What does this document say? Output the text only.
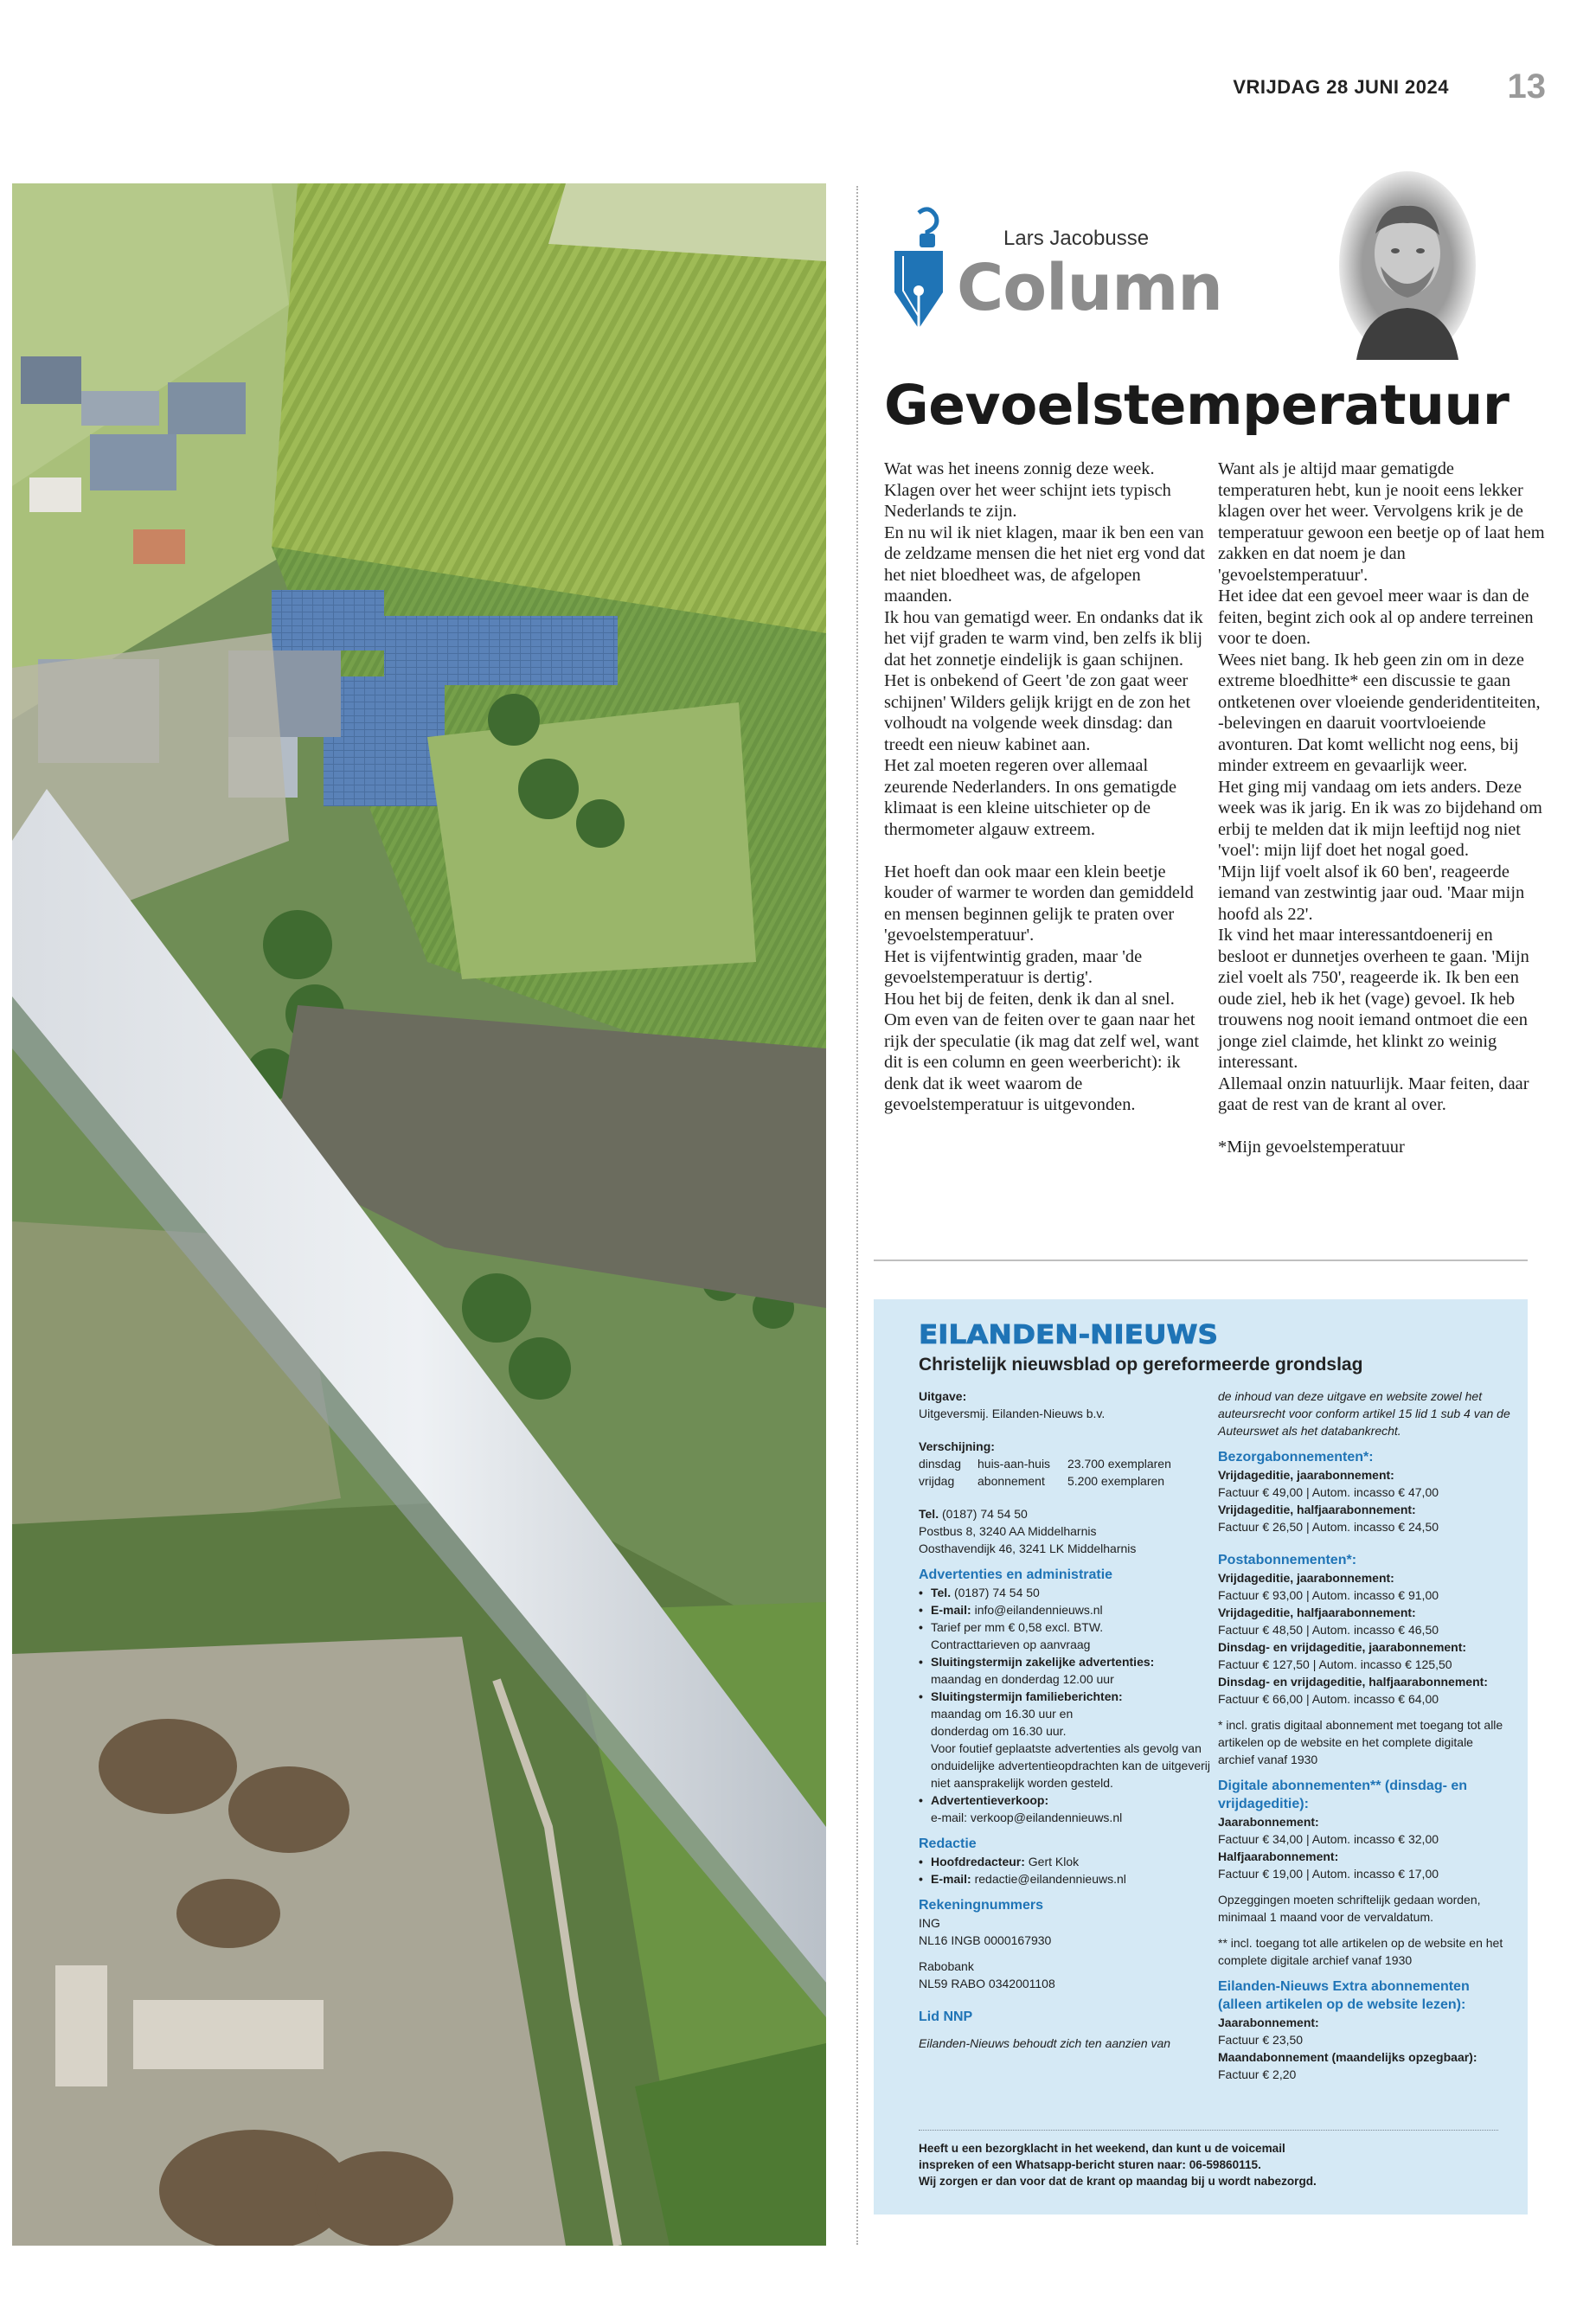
VRIJDAG 28 JUNI 2024 13
Lars Jacobusse
Column
Gevoelstemperatuur

Wat was het ineens zonnig deze week.

Klagen over het weer schijnt iets typisch Nederlands te zijn.

En nu wil ik niet klagen, maar ik ben een van de zeldzame mensen die het niet erg vond dat het niet bloedheet was, de afgelopen maanden.

Ik hou van gematigd weer. En ondanks dat ik het vijf graden te warm vind, ben zelfs ik blij dat het zonnetje eindelijk is gaan schijnen.

Het is onbekend of Geert 'de zon gaat weer schijnen' Wilders gelijk krijgt en de zon het volhoudt na volgende week dinsdag: dan treedt een nieuw kabinet aan.

Het zal moeten regeren over allemaal zeurende Nederlanders. In ons gematigde klimaat is een kleine uitschieter op de thermometer algauw extreem.

Het hoeft dan ook maar een klein beetje kouder of warmer te worden dan gemiddeld en mensen beginnen gelijk te praten over 'gevoelstemperatuur'.

Het is vijfentwintig graden, maar 'de gevoelstemperatuur is dertig'.

Hou het bij de feiten, denk ik dan al snel.

Om even van de feiten over te gaan naar het rijk der speculatie (ik mag dat zelf wel, want dit is een column en geen weerbericht): ik denk dat ik weet waarom de gevoelstemperatuur is uitgevonden.

Want als je altijd maar gematigde temperaturen hebt, kun je nooit eens lekker klagen over het weer. Vervolgens krik je de temperatuur gewoon een beetje op of laat hem zakken en dat noem je dan 'gevoelstemperatuur'.

Het idee dat een gevoel meer waar is dan de feiten, begint zich ook al op andere terreinen voor te doen.

Wees niet bang. Ik heb geen zin om in deze extreme bloedhitte* een discussie te gaan ontketenen over vloeiende genderidentiteiten, -belevingen en daaruit voortvloeiende avonturen. Dat komt wellicht nog eens, bij minder extreem en gevaarlijk weer.

Het ging mij vandaag om iets anders. Deze week was ik jarig. En ik was zo bijdehand om erbij te melden dat ik mijn leeftijd nog niet 'voel': mijn lijf doet het nogal goed.

'Mijn lijf voelt alsof ik 60 ben', reageerde iemand van zestwintig jaar oud. 'Maar mijn hoofd als 22'.

Ik vind het maar interessantdoenerij en besloot er dunnetjes overheen te gaan. 'Mijn ziel voelt als 750', reageerde ik. Ik ben een oude ziel, heb ik het (vage) gevoel. Ik heb trouwens nog nooit iemand ontmoet die een jonge ziel claimde, het klinkt zo weinig interessant.

Allemaal onzin natuurlijk. Maar feiten, daar gaat de rest van de krant al over.

*Mijn gevoelstemperatuur

EILANDEN-NIEUWS
Christelijk nieuwsblad op gereformeerde grondslag
Uitgave:
Uitgeversmij. Eilanden-Nieuws b.v.
Verschijning:
dinsdag	huis-aan-huis	23.700 exemplaren
vrijdag	abonnement	5.200 exemplaren
Tel. (0187) 74 54 50
Postbus 8, 3240 AA Middelharnis
Oosthavendijk 46, 3241 LK Middelharnis
Advertenties en administratie
• Tel. (0187) 74 54 50
• E-mail: info@eilandennieuws.nl
• Tarief per mm € 0,58 excl. BTW.
Contracttarieven op aanvraag
• Sluitingstermijn zakelijke advertenties:
maandag en donderdag 12.00 uur
• Sluitingstermijn familieberichten:
maandag om 16.30 uur en
donderdag om 16.30 uur.
Voor foutief geplaatste advertenties als gevolg van onduidelijke advertentieopdrachten kan de uitgeverij niet aansprakelijk worden gesteld.
• Advertentieverkoop:
e-mail: verkoop@eilandennieuws.nl
Redactie
• Hoofdredacteur: Gert Klok
• E-mail: redactie@eilandennieuws.nl
Rekeningnummers
ING
NL16 INGB 0000167930
Rabobank
NL59 RABO 0342001108
Lid NNP
Eilanden-Nieuws behoudt zich ten aanzien van
de inhoud van deze uitgave en website zowel het auteursrecht voor conform artikel 15 lid 1 sub 4 van de Auteurswet als het databankrecht.
Bezorgabonnementen*:
Vrijdageditie, jaarabonnement:
Factuur € 49,00 | Autom. incasso € 47,00
Vrijdageditie, halfjaarabonnement:
Factuur € 26,50 | Autom. incasso € 24,50
Postabonnementen*:
Vrijdageditie, jaarabonnement:
Factuur € 93,00 | Autom. incasso € 91,00
Vrijdageditie, halfjaarabonnement:
Factuur € 48,50 | Autom. incasso € 46,50
Dinsdag- en vrijdageditie, jaarabonnement:
Factuur € 127,50 | Autom. incasso € 125,50
Dinsdag- en vrijdageditie, halfjaarabonnement:
Factuur € 66,00 | Autom. incasso € 64,00
* incl. gratis digitaal abonnement met toegang tot alle artikelen op de website en het complete digitale archief vanaf 1930
Digitale abonnementen** (dinsdag- en vrijdageditie):
Jaarabonnement:
Factuur € 34,00 | Autom. incasso € 32,00
Halfjaarabonnement:
Factuur € 19,00 | Autom. incasso € 17,00
Opzeggingen moeten schriftelijk gedaan worden, minimaal 1 maand voor de vervaldatum.
** incl. toegang tot alle artikelen op de website en het complete digitale archief vanaf 1930
Eilanden-Nieuws Extra abonnementen (alleen artikelen op de website lezen):
Jaarabonnement:
Factuur € 23,50
Maandabonnement (maandelijks opzegbaar):
Factuur € 2,20

Heeft u een bezorgklacht in het weekend, dan kunt u de voicemail

inspreken of een Whatsapp-bericht sturen naar: 06-59860115.

Wij zorgen er dan voor dat de krant op maandag bij u wordt nabezorgd.
